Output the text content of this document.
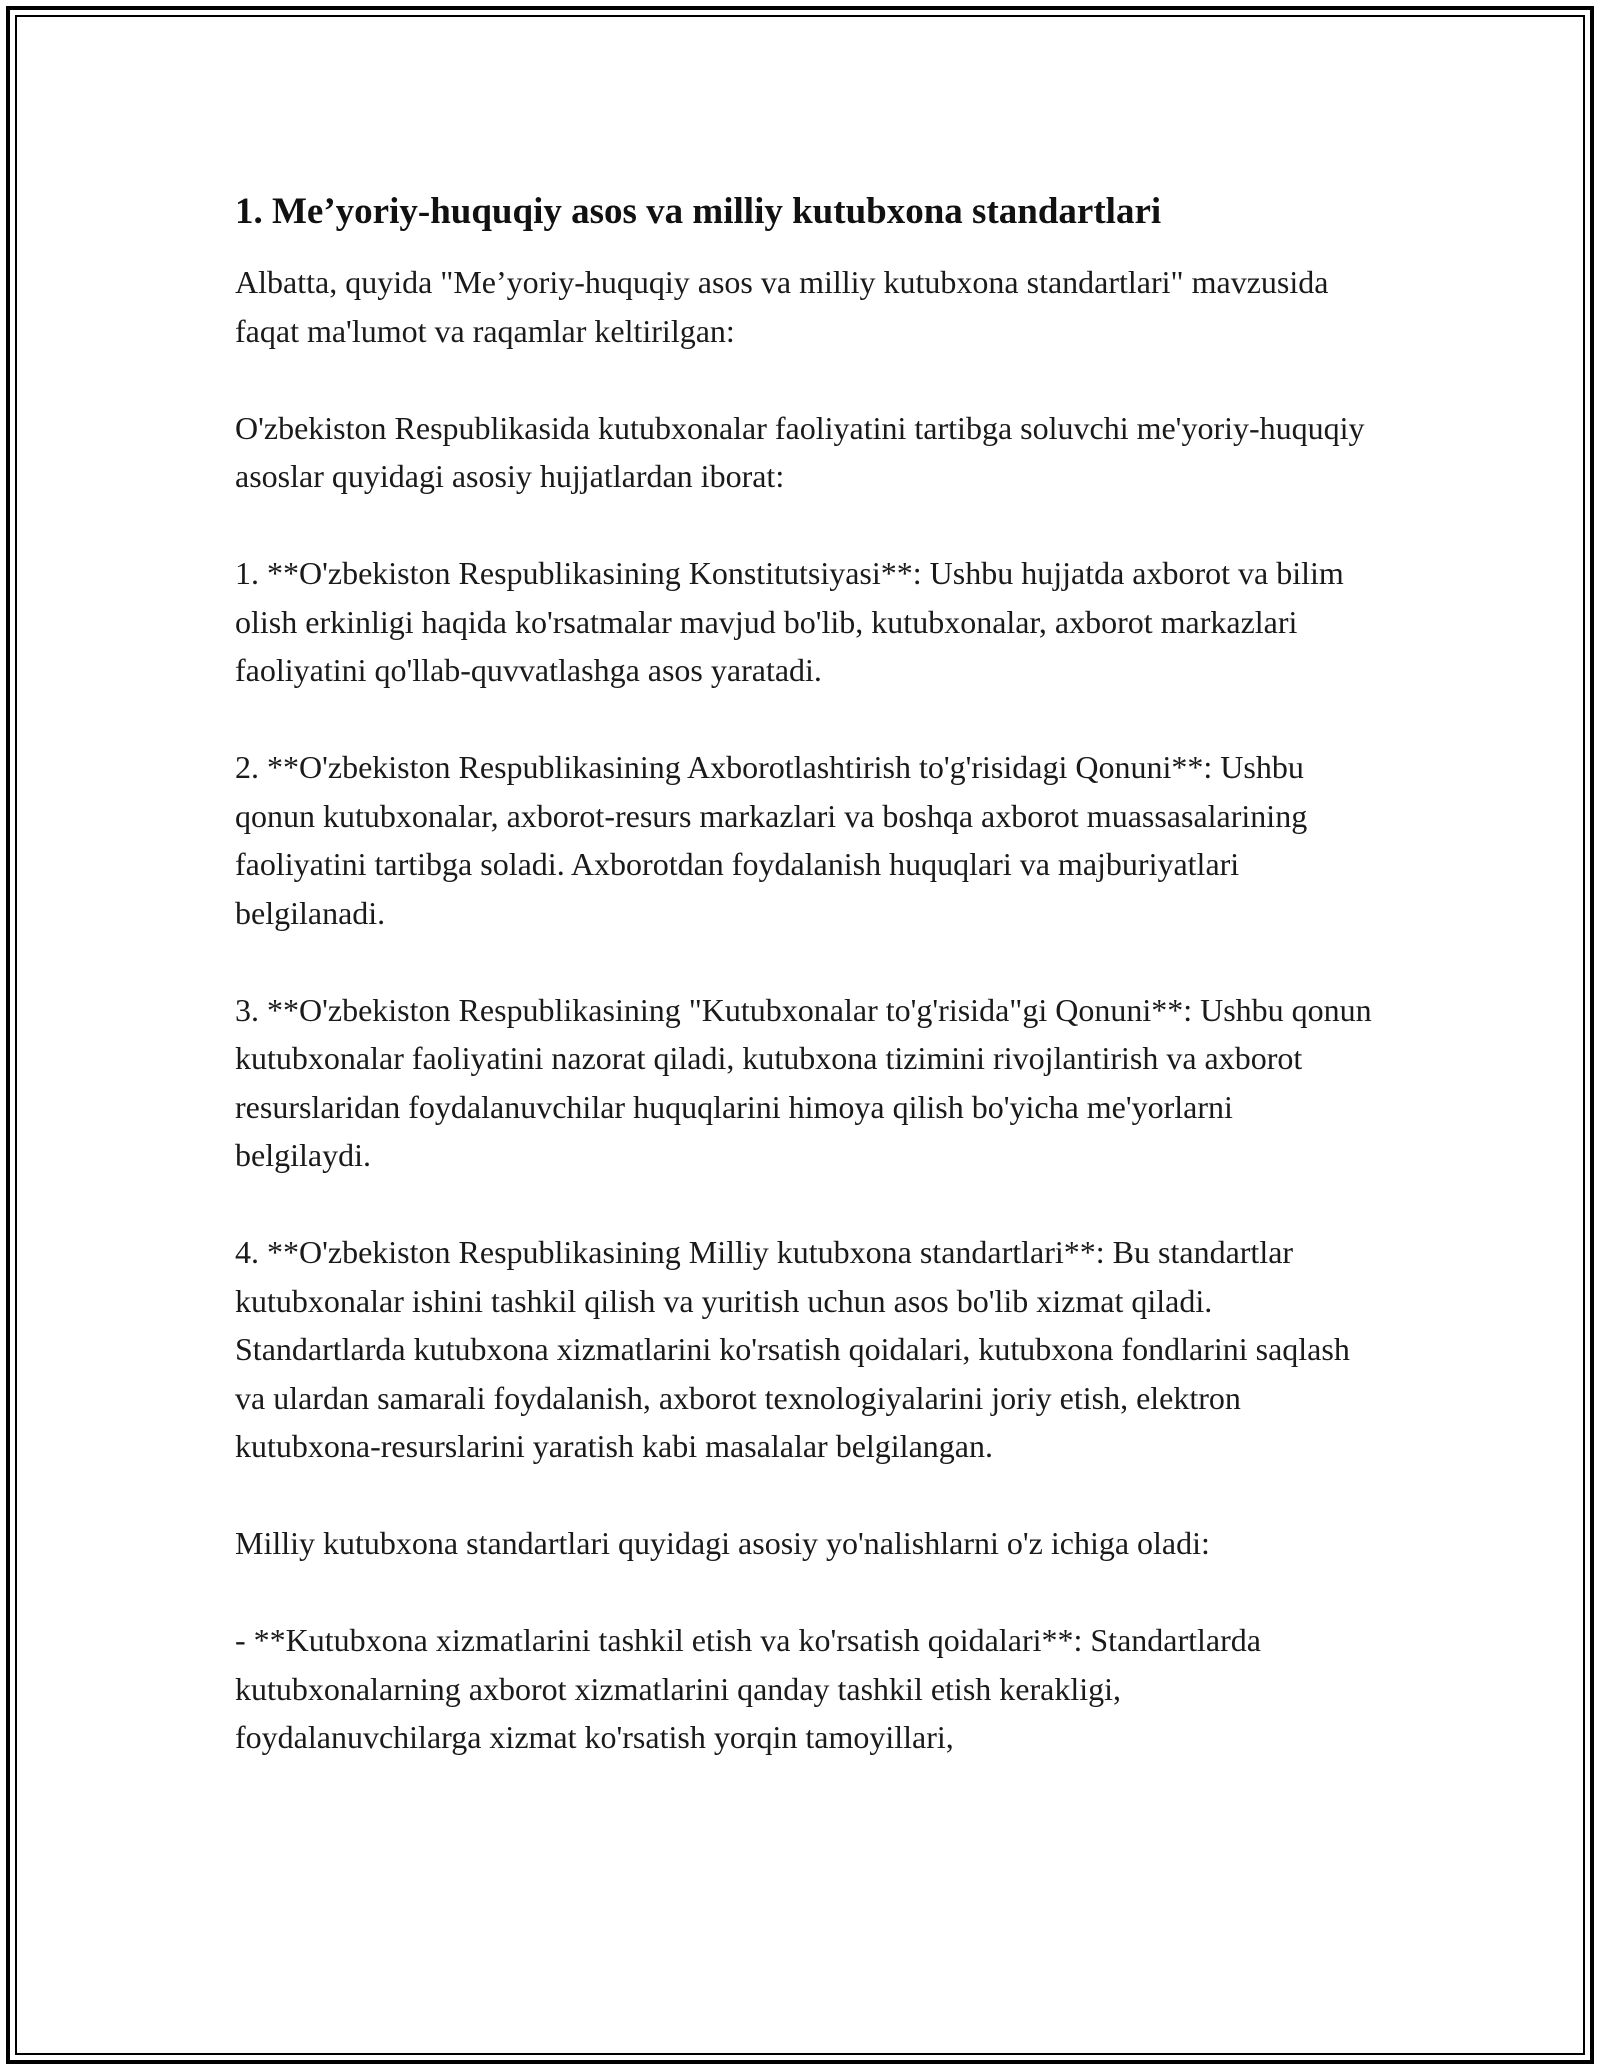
1. Me’yoriy-huquqiy asos va milliy kutubxona standartlari

Albatta, quyida "Me’yoriy-huquqiy asos va milliy kutubxona standartlari" mavzusida faqat ma'lumot va raqamlar keltirilgan:

O'zbekiston Respublikasida kutubxonalar faoliyatini tartibga soluvchi me'yoriy-huquqiy asoslar quyidagi asosiy hujjatlardan iborat:

1. **O'zbekiston Respublikasining Konstitutsiyasi**: Ushbu hujjatda axborot va bilim olish erkinligi haqida ko'rsatmalar mavjud bo'lib, kutubxonalar, axborot markazlari faoliyatini qo'llab-quvvatlashga asos yaratadi.

2. **O'zbekiston Respublikasining Axborotlashtirish to'g'risidagi Qonuni**: Ushbu qonun kutubxonalar, axborot-resurs markazlari va boshqa axborot muassasalarining faoliyatini tartibga soladi. Axborotdan foydalanish huquqlari va majburiyatlari belgilanadi.

3. **O'zbekiston Respublikasining "Kutubxonalar to'g'risida"gi Qonuni**: Ushbu qonun kutubxonalar faoliyatini nazorat qiladi, kutubxona tizimini rivojlantirish va axborot resurslaridan foydalanuvchilar huquqlarini himoya qilish bo'yicha me'yorlarni belgilaydi.

4. **O'zbekiston Respublikasining Milliy kutubxona standartlari**: Bu standartlar kutubxonalar ishini tashkil qilish va yuritish uchun asos bo'lib xizmat qiladi. Standartlarda kutubxona xizmatlarini ko'rsatish qoidalari, kutubxona fondlarini saqlash va ulardan samarali foydalanish, axborot texnologiyalarini joriy etish, elektron kutubxona-resurslarini yaratish kabi masalalar belgilangan.

Milliy kutubxona standartlari quyidagi asosiy yo'nalishlarni o'z ichiga oladi:

- **Kutubxona xizmatlarini tashkil etish va ko'rsatish qoidalari**: Standartlarda kutubxonalarning axborot xizmatlarini qanday tashkil etish kerakligi, foydalanuvchilarga xizmat ko'rsatish yorqin tamoyillari,
